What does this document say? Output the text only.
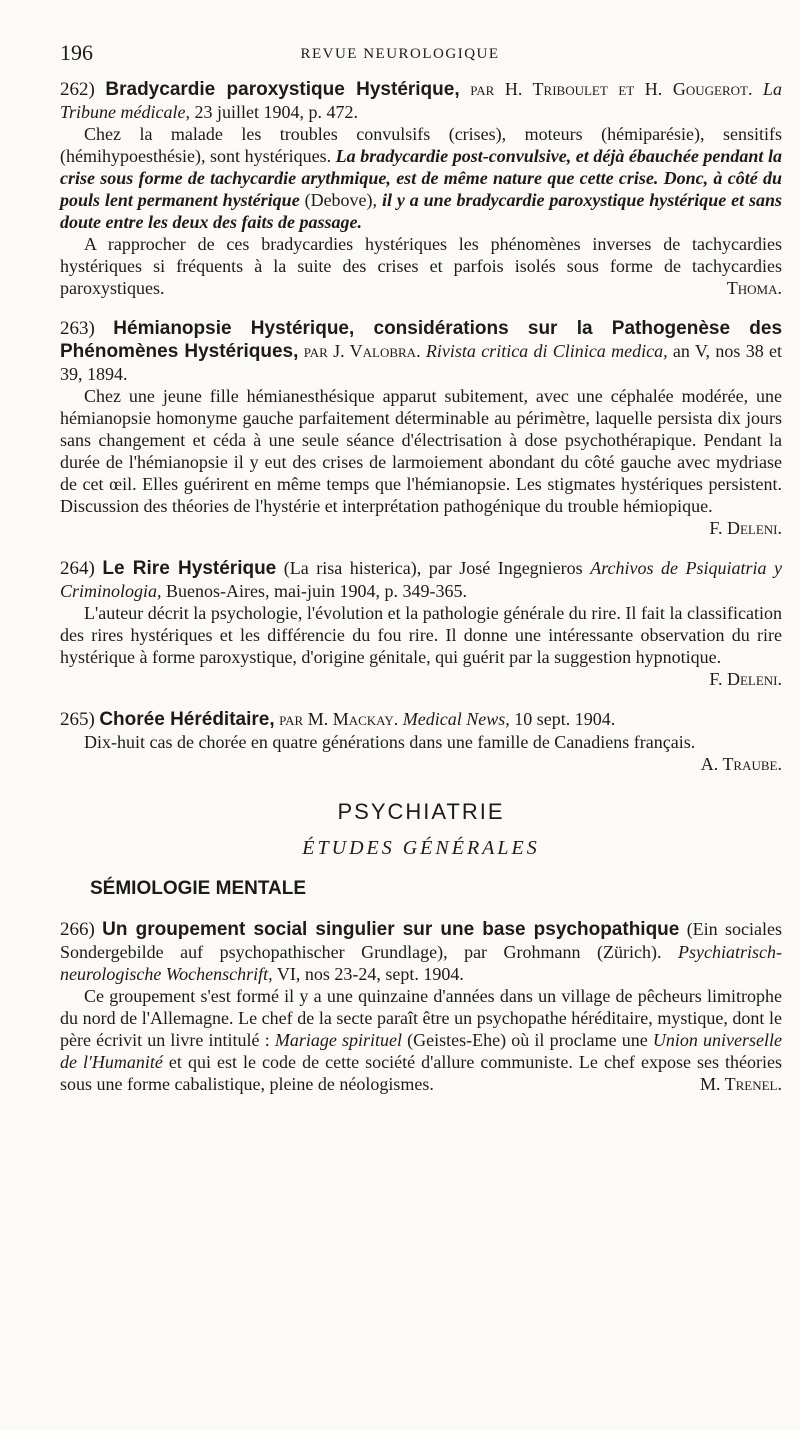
196	REVUE NEUROLOGIQUE
262) Bradycardie paroxystique Hystérique, par H. Triboulet et H. Gougerot. La Tribune médicale, 23 juillet 1904, p. 472.

Chez la malade les troubles convulsifs (crises), moteurs (hémiparésie), sensitifs (hémihypoesthésie), sont hystériques. La bradycardie post-convulsive, et déjà ébauchée pendant la crise sous forme de tachycardie arythmique, est de même nature que cette crise. Donc, à côté du pouls lent permanent hystérique (Debove), il y a une bradycardie paroxystique hystérique et sans doute entre les deux des faits de passage.

A rapprocher de ces bradycardies hystériques les phénomènes inverses de tachycardies hystériques si fréquents à la suite des crises et parfois isolés sous forme de tachycardies paroxystiques.	Thoma.

263) Hémianopsie Hystérique, considérations sur la Pathogenèse des Phénomènes Hystériques, par J. Valobra. Rivista critica di Clinica medica, an V, nos 38 et 39, 1894.

Chez une jeune fille hémianesthésique apparut subitement, avec une céphalée modérée, une hémianopsie homonyme gauche parfaitement déterminable au périmètre, laquelle persista dix jours sans changement et céda à une seule séance d'électrisation à dose psychothérapique. Pendant la durée de l'hémianopsie il y eut des crises de larmoiement abondant du côté gauche avec mydriase de cet œil. Elles guérirent en même temps que l'hémianopsie. Les stigmates hystériques persistent. Discussion des théories de l'hystérie et interprétation pathogénique du trouble hémiopique.
F. Deleni.

264) Le Rire Hystérique (La risa histerica), par José Ingegnieros Archivos de Psiquiatria y Criminologia, Buenos-Aires, mai-juin 1904, p. 349-365.

L'auteur décrit la psychologie, l'évolution et la pathologie générale du rire. Il fait la classification des rires hystériques et les différencie du fou rire. Il donne une intéressante observation du rire hystérique à forme paroxystique, d'origine génitale, qui guérit par la suggestion hypnotique.
F. Deleni.

265) Chorée Héréditaire, par M. Mackay. Medical News, 10 sept. 1904.

Dix-huit cas de chorée en quatre générations dans une famille de Canadiens français.
A. Traube.

PSYCHIATRIE
ÉTUDES GÉNÉRALES
SÉMIOLOGIE MENTALE
266) Un groupement social singulier sur une base psychopathique (Ein sociales Sondergebilde auf psychopathischer Grundlage), par Grohmann (Zürich). Psychiatrisch-neurologische Wochenschrift, VI, nos 23-24, sept. 1904.

Ce groupement s'est formé il y a une quinzaine d'années dans un village de pêcheurs limitrophe du nord de l'Allemagne. Le chef de la secte paraît être un psychopathe héréditaire, mystique, dont le père écrivit un livre intitulé : Mariage spirituel (Geistes-Ehe) où il proclame une Union universelle de l'Humanité et qui est le code de cette société d'allure communiste. Le chef expose ses théories sous une forme cabalistique, pleine de néologismes.	M. Trenel.
